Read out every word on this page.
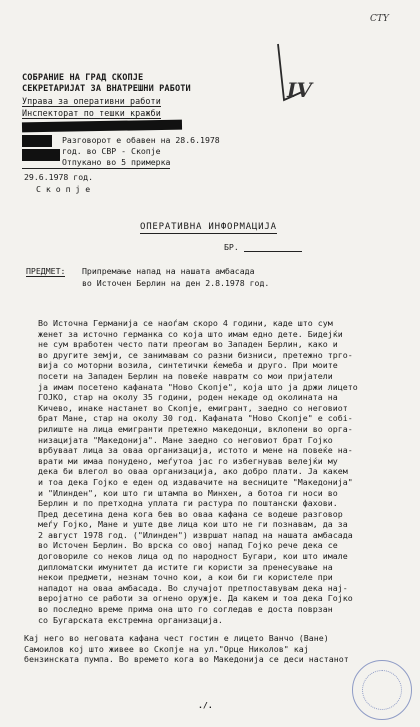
CTY
IV
СОБРАНИЕ НА ГРАД СКОПЈЕ
СЕКРЕТАРИЈАТ ЗА ВНАТРЕШНИ РАБОТИ
Управа за оперативни работи
Инспекторат по тешки кражби
Разговорот е обавен на 28.6.1978
год. во СВР - Скопје
Отпукано во 5 примерка
29.6.1978 год.
С к о п ј е
ОПЕРАТИВНА ИНФОРМАЦИЈА
БР.
ПРЕДМЕТ: Припремање напад на нашата амбасада
во Источен Берлин на ден 2.8.1978 год.
Во Источна Германија се наоѓам скоро 4 години, каде што сум
женет за источно германка со која што имам едно дете. Бидејќи
не сум вработен често пати преогам во Западен Берлин, како и
во другите земји, се занимавам со разни бизниси, претежно трго-
вија со моторни возила, синтетички ќемеба и друго. При моите
посети на Западен Берлин на повеќе навратм со мои пријатели
ја имам посетено кафаната "Ново Скопје", која што ја држи лицето
ГОЈКО, стар на околу 35 години, роден некаде од околината на
Кичево, инаке настанет во Скопје, емигрант, заедно со неговиот
брат Мане, стар на околу 30 год. Кафаната "Ново Скопје" е собі-
рилиште на лица емигранти претежно македонци, вклопени во орга-
низацијата "Македонија". Мане заедно со неговиот брат Гојко
врбуваат лица за оваа организација, истото и мене на повеќе на-
врати ми имаа понудено, меѓутоа јас го избегнував велејќи му
дека би влегол во оваа организација, ако добро плати. Ја какем
и тоа дека Гојко е еден од издавачите на весниците "Македонија"
и "Илинден", кои што ги штампа во Минхен, а ботоа ги носи во
Берлин и по претходна уплата ги растура по поштански фахови.
Пред десетина дена кога бев во оваа кафана се водеше разговор
меѓу Гојко, Мане и уште две лица кои што не ги познавам, да за
2 август 1978 год. ("Илинден") извршат напад на нашата амбасада
во Источен Берлин. Во врска со овој напад Гојко рече дека се
договориле со неков лица од по народност Бугари, кои што имале
дипломатски имунитет да истите ги користи за пренесување на
некои предмети, незнам точно кои, а кои би ги користеле при
нападот на оваа амбасада. Во случајот претпоставувам дека нај-
веројатно се работи за огнено оружје. Да какем и тоа дека Гојко
во последно време прима она што го согледав е доста поврзан
со Бугарската екстремна организација.
Кај него во неговата кафана чест гостин е лицето Ванчо (Ване)
Самоилов кој што живее во Скопје на ул."Орце Николов" кај
бензинската пумпа. Во времето кога во Македонија се деси настанот
./.
